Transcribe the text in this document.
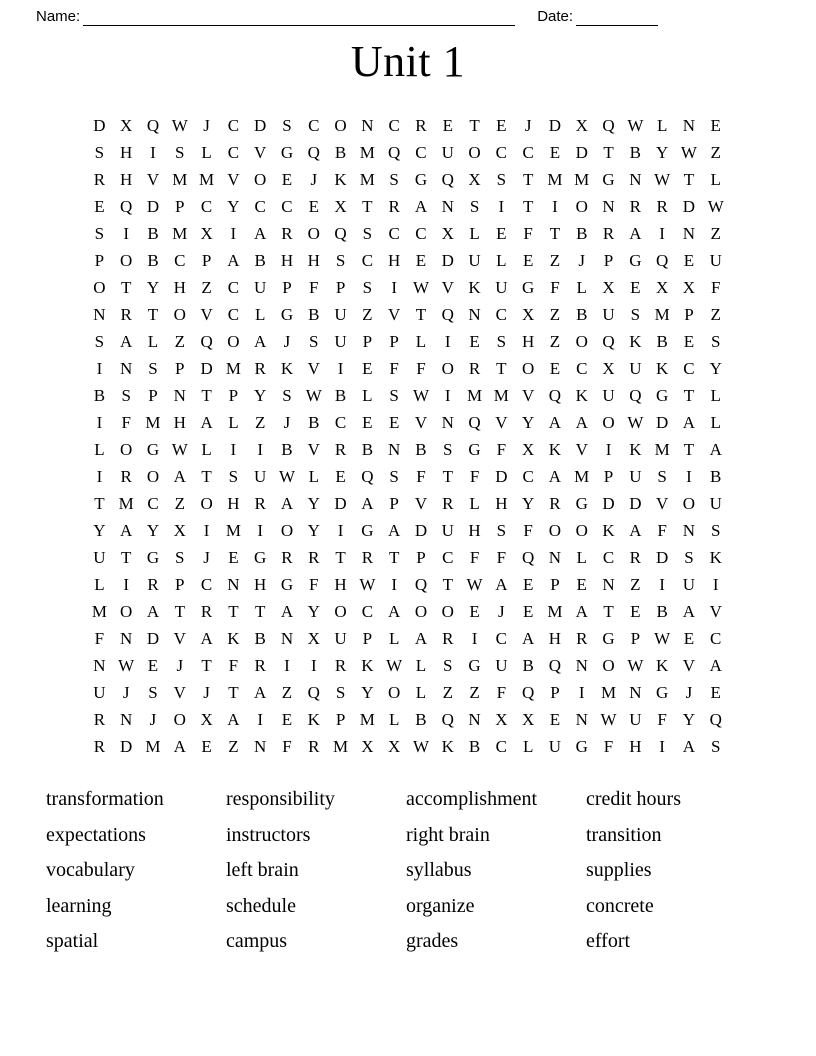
Name:	Date:
Unit 1
D X Q W J	C D S C O N C R E T E	J	D X Q W L N E
S H	I	S L C V G Q B M Q C U O C C E D T B Y W Z
R H V M M V O E	J	K M S G Q X S T M M G N W T L
E Q D P C Y C C E X T R A N S	I	T	I	O N R R D W
S	I	B M X	I	A R O Q S C C X L E F T B R A	I	N Z
P O B C P A B H H S C H E D U L E Z	J	P G Q E U
O T Y H Z C U P	F	P	S	I W V K U G F L X E X X F
N R T O V C L G B U Z V T Q N C X Z B U S M P Z
S A L Z Q O A	J	S U P	P L	I	E S H Z O Q K B E S
I	N S	P D M R K V	I	E F	F O R T O E C X U K C Y
B S	P N T P Y S W B L S W I M M V Q K U Q G T L
I	F M H A L Z	J	B C E E V N Q V Y A A O W D A L
L O G W L	I	I	B V R B N B S G F X K V	I	K M T A
I	R O A T S U W L E Q S	F T F D C A M P U S	I	B
T M C Z O H R A Y D A P V R L H Y R G D D V O U
Y A Y X	I M I	O Y	I	G A D U H S	F O O K A F N S
U T G S	J	E G R R T R T P C F	F Q N L C R D S K
L	I	R P C N H G F H W I	Q T W A E P E N Z	I	U	I
M O A T R T T A Y O C A O O E	J	E M A T E B A V
F N D V A K B N X U P L A R	I	C A H R G P W E C
N W E	J	T F R	I	I	R K W L S G U B Q N O W K V A
U	J	S V	J	T A Z Q S Y O L Z Z F Q P	I M N G	J	E
R N	J	O X A	I	E K P M L B Q N X X E N W U F Y Q
R D M A E Z N F R M X X W K B C L U G F H	I	A S
transformation
expectations
vocabulary
learning
spatial
responsibility
instructors
left brain
schedule
campus
accomplishment
right brain
syllabus
organize
grades
credit hours
transition
supplies
concrete
effort
